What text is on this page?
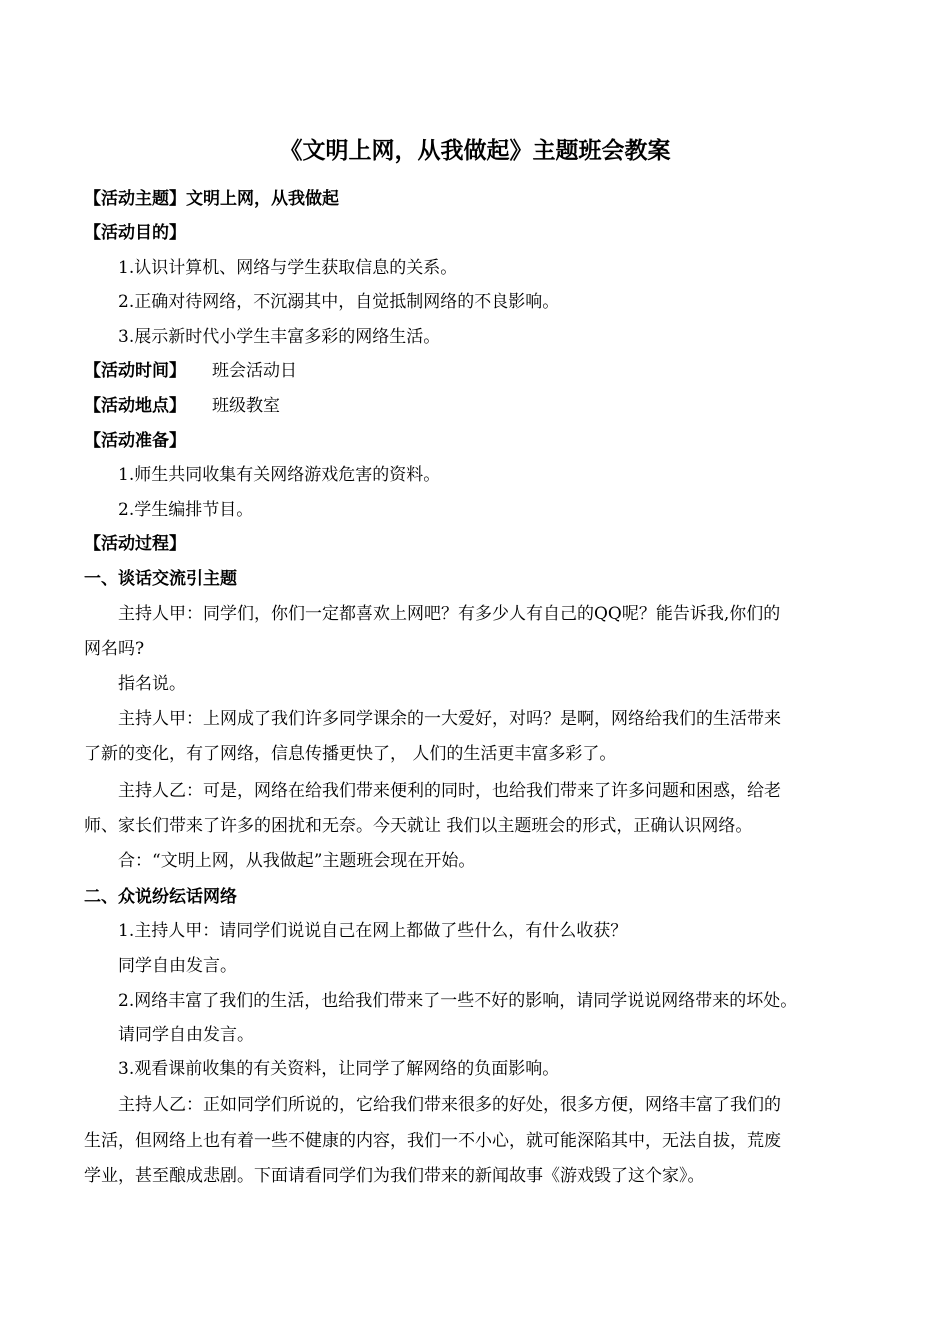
《文明上网，从我做起》主题班会教案
【活动主题】文明上网，从我做起
【活动目的】
1.认识计算机、网络与学生获取信息的关系。
2.正确对待网络，不沉溺其中，自觉抵制网络的不良影响。
3.展示新时代小学生丰富多彩的网络生活。
【活动时间】 班会活动日
【活动地点】 班级教室
【活动准备】
1.师生共同收集有关网络游戏危害的资料。
2.学生编排节目。
【活动过程】
一、谈话交流引主题
主持人甲：同学们，你们一定都喜欢上网吧？有多少人有自己的QQ呢？能告诉我,你们的
网名吗?
指名说。
主持人甲：上网成了我们许多同学课余的一大爱好，对吗？是啊，网络给我们的生活带来
了新的变化，有了网络，信息传播更快了， 人们的生活更丰富多彩了。
主持人乙：可是，网络在给我们带来便利的同时，也给我们带来了许多问题和困惑，给老
师、家长们带来了许多的困扰和无奈。今天就让 我们以主题班会的形式，正确认识网络。
合：“文明上网，从我做起”主题班会现在开始。
二、众说纷纭话网络
1.主持人甲：请同学们说说自己在网上都做了些什么，有什么收获？
同学自由发言。
2.网络丰富了我们的生活，也给我们带来了一些不好的影响，请同学说说网络带来的坏处。
请同学自由发言。
3.观看课前收集的有关资料，让同学了解网络的负面影响。
主持人乙：正如同学们所说的，它给我们带来很多的好处，很多方便，网络丰富了我们的
生活，但网络上也有着一些不健康的内容，我们一不小心，就可能深陷其中，无法自拔，荒废
学业，甚至酿成悲剧。下面请看同学们为我们带来的新闻故事《游戏毁了这个家》。
